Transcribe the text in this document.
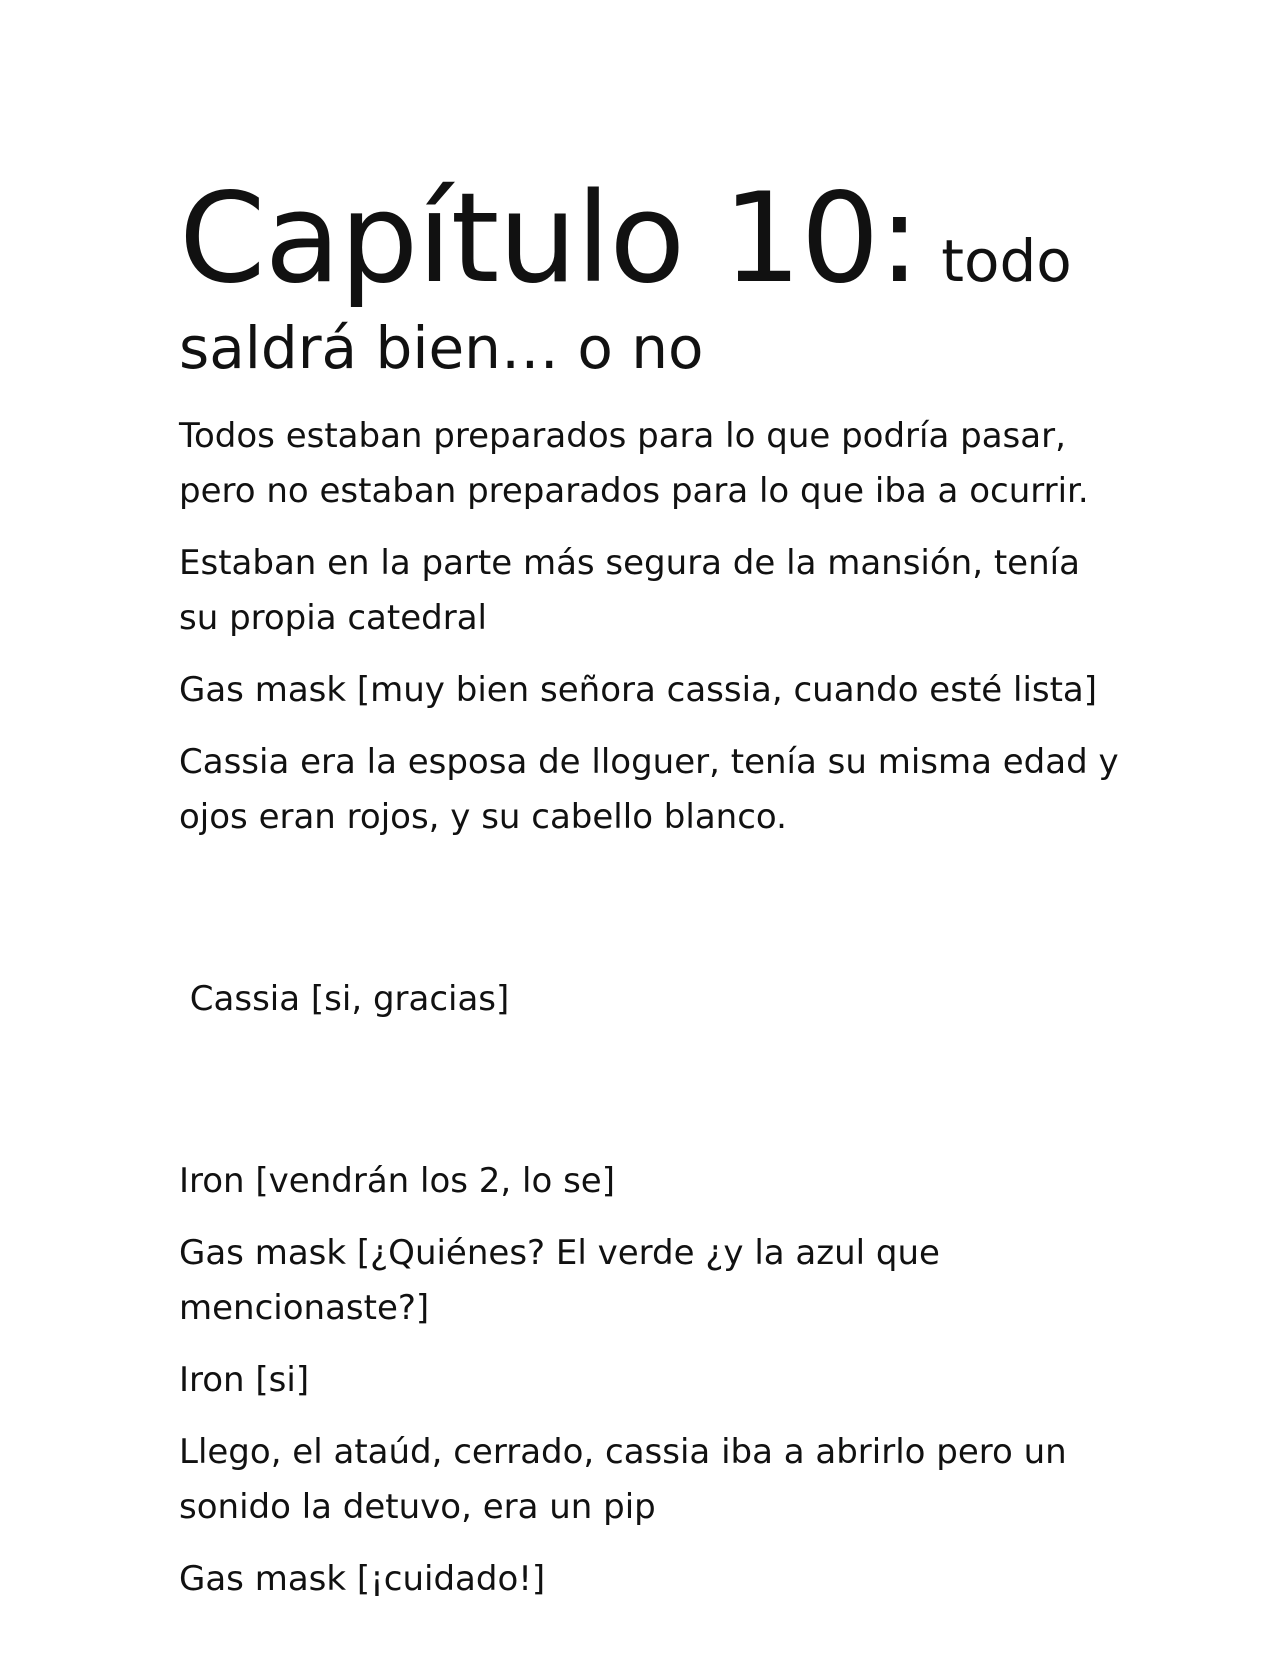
Capítulo 10: todo
saldrá bien… o no

Todos estaban preparados para lo que podría pasar,
pero no estaban preparados para lo que iba a ocurrir.

Estaban en la parte más segura de la mansión, tenía
su propia catedral

Gas mask [muy bien señora cassia, cuando esté lista]

Cassia era la esposa de lloguer, tenía su misma edad y
ojos eran rojos, y su cabello blanco.

Cassia [si, gracias]

Iron [vendrán los 2, lo se]

Gas mask [¿Quiénes? El verde ¿y la azul que
mencionaste?]

Iron [si]

Llego, el ataúd, cerrado, cassia iba a abrirlo pero un
sonido la detuvo, era un pip

Gas mask [¡cuidado!]
